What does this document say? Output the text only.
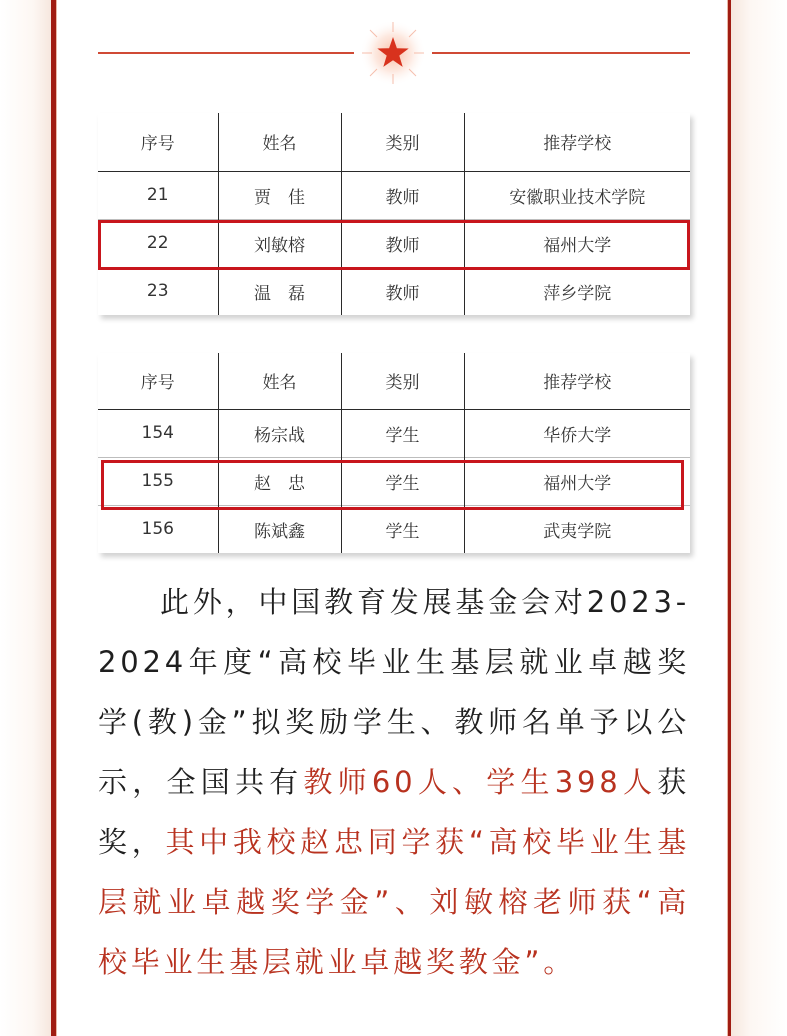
序号	姓名	类别	推荐学校
21	贾　佳	教师	安徽职业技术学院
22	刘敏榕	教师	福州大学
23	温　磊	教师	萍乡学院
序号	姓名	类别	推荐学校
154	杨宗战	学生	华侨大学
155	赵　忠	学生	福州大学
156	陈斌鑫	学生	武夷学院

此外，中国教育发展基金会对2023-2024年度“高校毕业生基层就业卓越奖学(教)金”拟奖励学生、教师名单予以公示，全国共有教师60人、学生398人获奖，其中我校赵忠同学获“高校毕业生基层就业卓越奖学金”、刘敏榕老师获“高校毕业生基层就业卓越奖教金”。
